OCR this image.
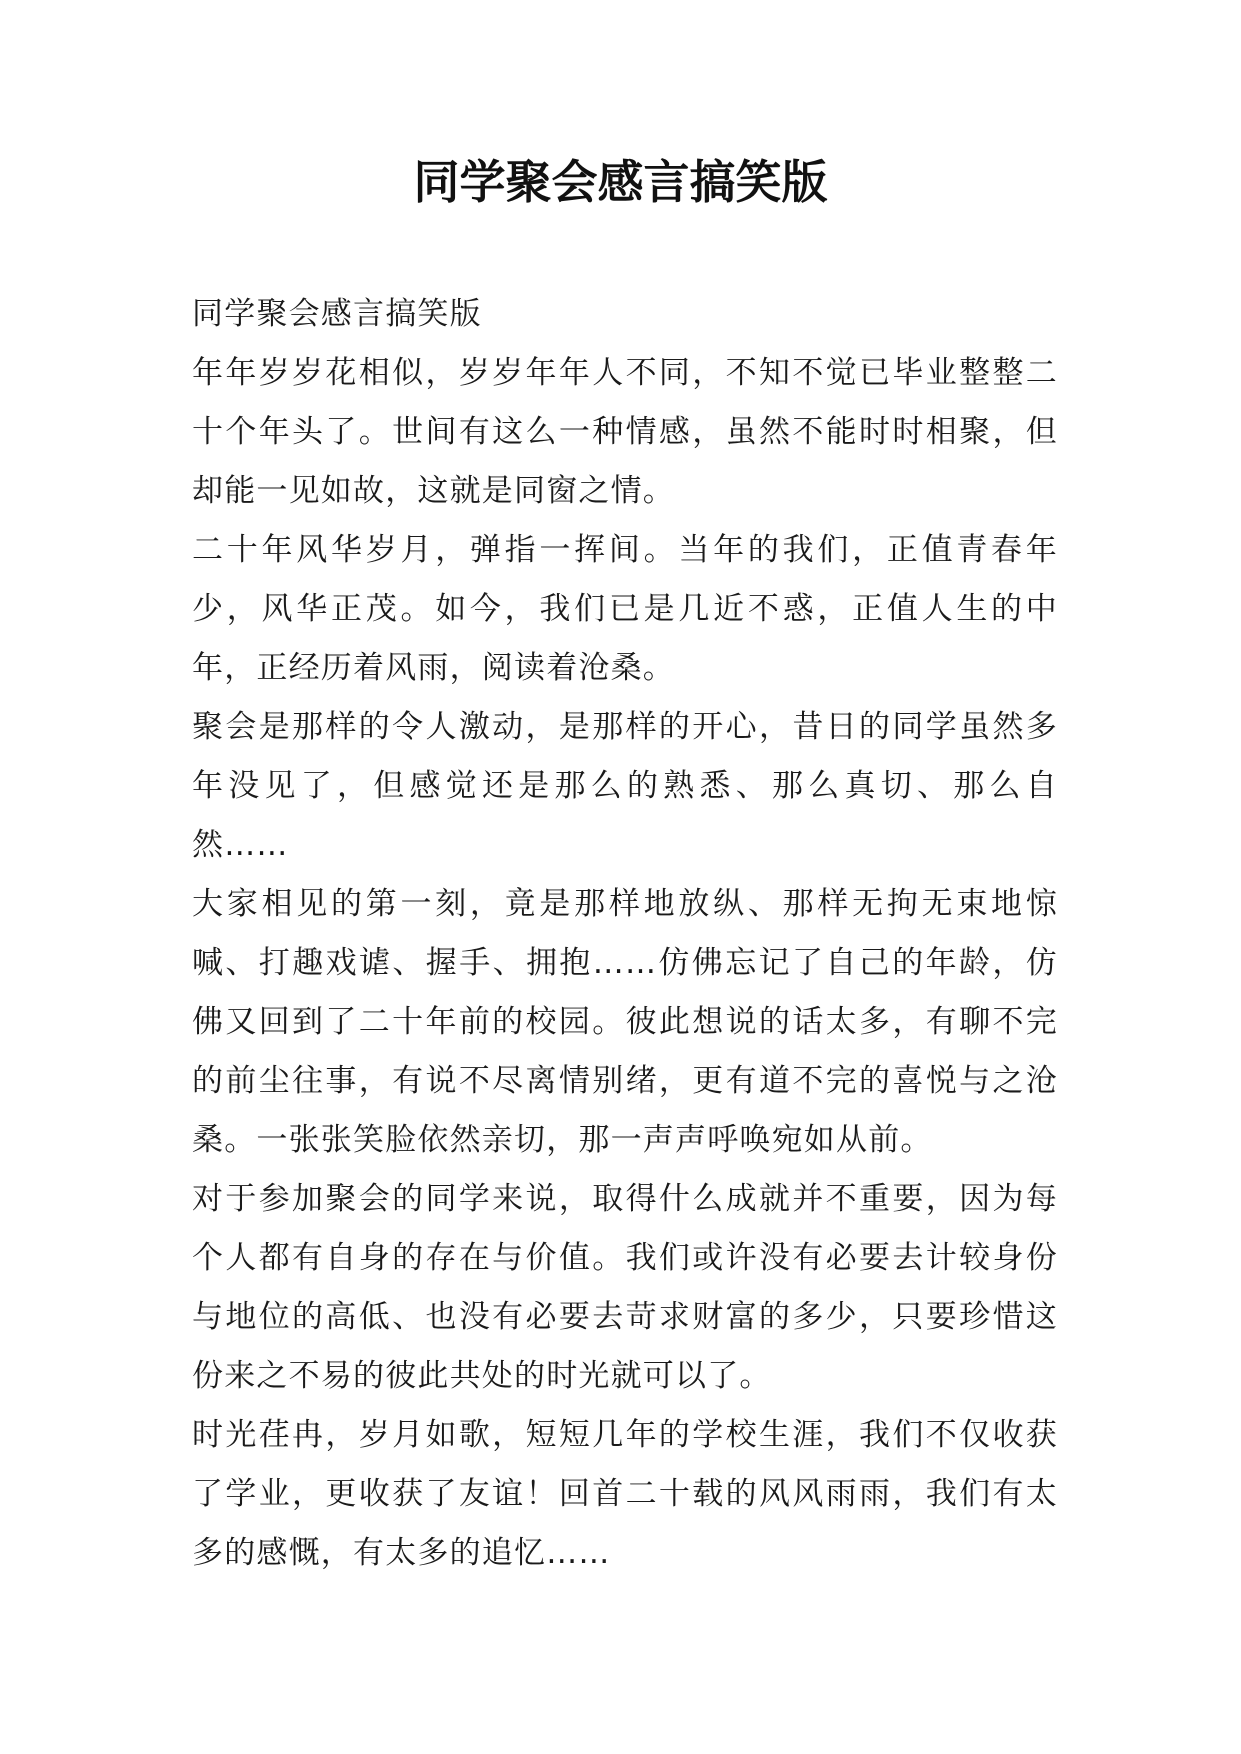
同学聚会感言搞笑版

同学聚会感言搞笑版

年年岁岁花相似，岁岁年年人不同，不知不觉已毕业整整二十个年头了。世间有这么一种情感，虽然不能时时相聚，但却能一见如故，这就是同窗之情。

二十年风华岁月，弹指一挥间。当年的我们，正值青春年少，风华正茂。如今，我们已是几近不惑，正值人生的中年，正经历着风雨，阅读着沧桑。

聚会是那样的令人激动，是那样的开心，昔日的同学虽然多年没见了，但感觉还是那么的熟悉、那么真切、那么自然……

大家相见的第一刻，竟是那样地放纵、那样无拘无束地惊喊、打趣戏谑、握手、拥抱……仿佛忘记了自己的年龄，仿佛又回到了二十年前的校园。彼此想说的话太多，有聊不完的前尘往事，有说不尽离情别绪，更有道不完的喜悦与之沧桑。一张张笑脸依然亲切，那一声声呼唤宛如从前。

对于参加聚会的同学来说，取得什么成就并不重要，因为每个人都有自身的存在与价值。我们或许没有必要去计较身份与地位的高低、也没有必要去苛求财富的多少，只要珍惜这份来之不易的彼此共处的时光就可以了。

时光荏冉，岁月如歌，短短几年的学校生涯，我们不仅收获了学业，更收获了友谊！回首二十载的风风雨雨，我们有太多的感慨，有太多的追忆……
